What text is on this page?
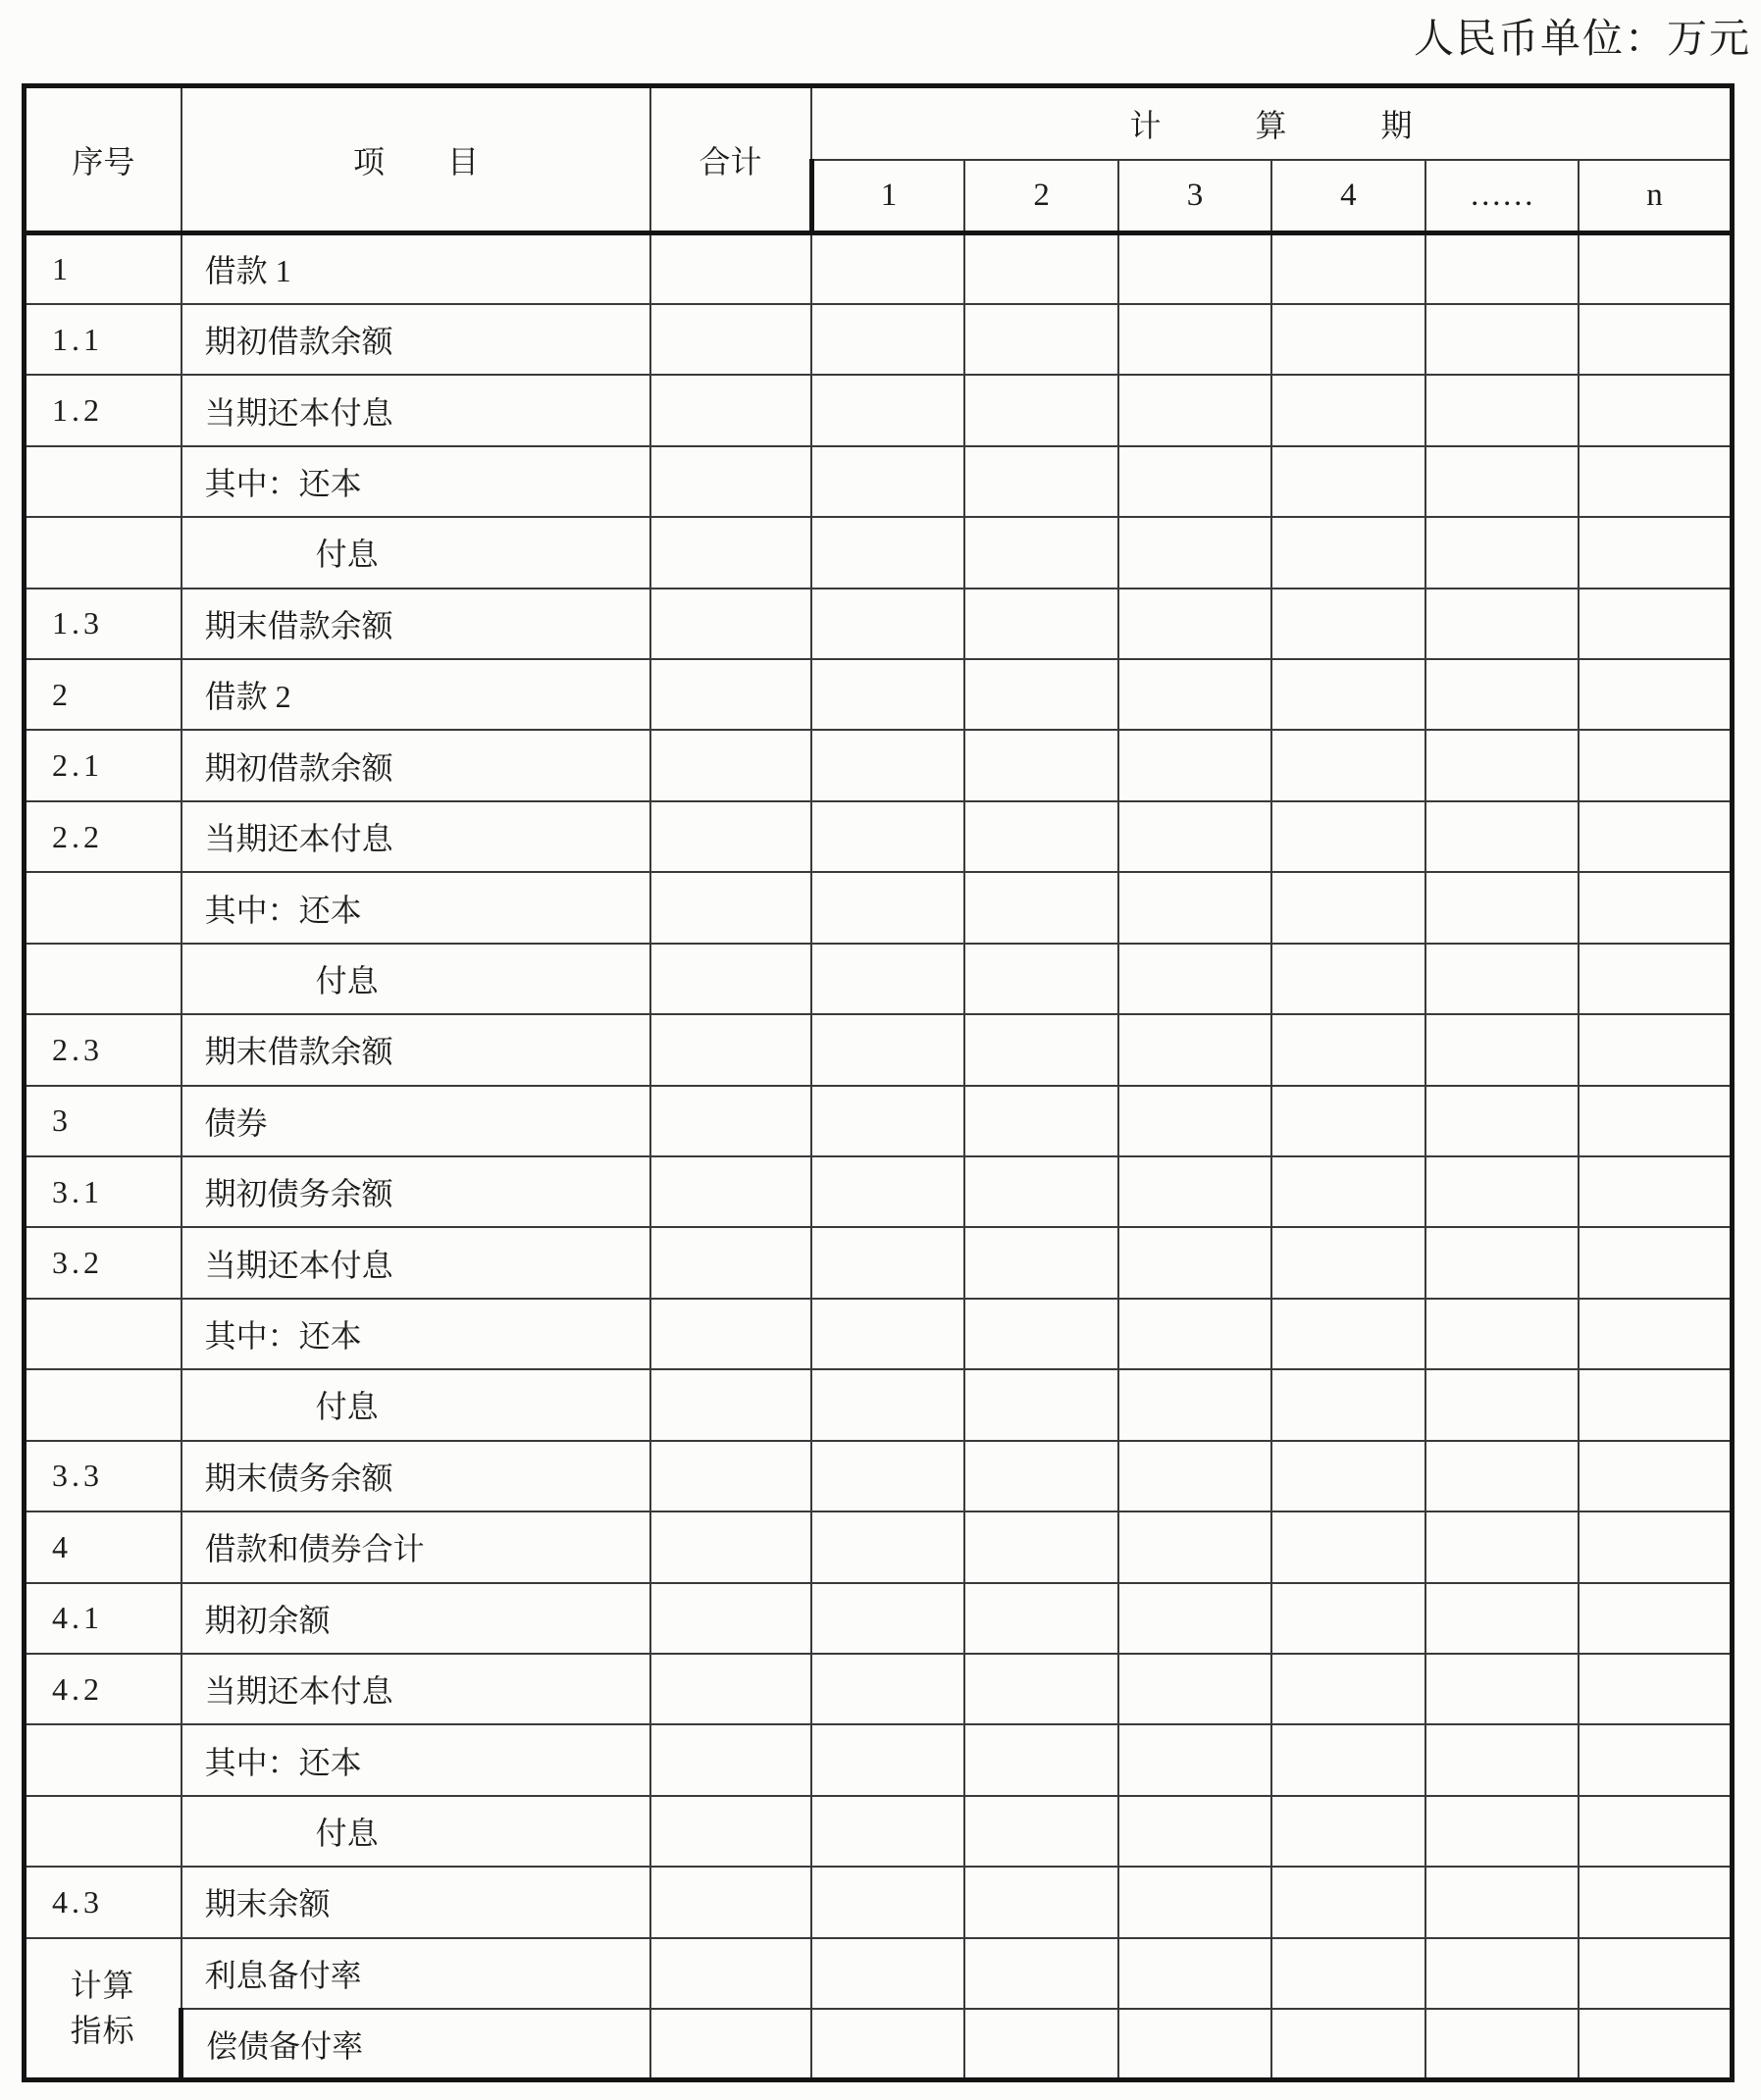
人民币单位：万元
序号	项　　目	合计	计　　　算　　　期					
			1	2	3	4	……	n
1	借款 1							
1.1	期初借款余额							
1.2	当期还本付息							
	其中：还本							
	付息							
1.3	期末借款余额							
2	借款 2							
2.1	期初借款余额							
2.2	当期还本付息							
	其中：还本							
	付息							
2.3	期末借款余额							
3	债券							
3.1	期初债务余额							
3.2	当期还本付息							
	其中：还本							
	付息							
3.3	期末债务余额							
4	借款和债券合计							
4.1	期初余额							
4.2	当期还本付息							
	其中：还本							
	付息							
4.3	期末余额							
计算
指标	利息备付率							
	偿债备付率							
